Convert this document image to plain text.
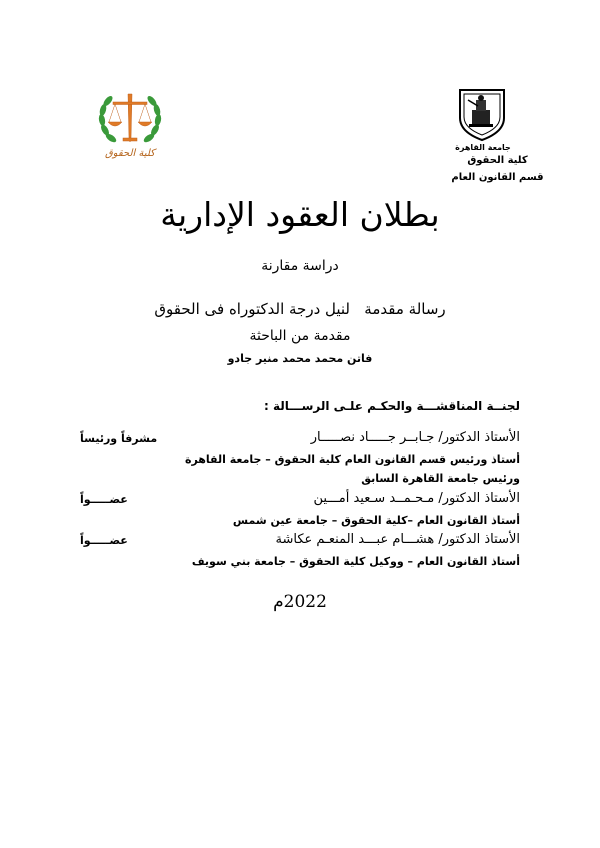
جامعة القاهرة
كلية الحقوق
قسم القانون العام
كلية الحقوق
بطلان العقود الإدارية
دراسة مقارنة
رسالة مقدمة   لنيل درجة الدكتوراه فى الحقوق
مقدمة من الباحثة
فاتن محمد محمد منير جادو
لجنــة المناقشـــة والحكـم علـى الرســـالة :
الأستاذ الدكتور/ جـابــر جـــــاد نصـــــار
مشرفاً ورئيساً
أستاذ ورئيس قسم القانون العام كلية الحقوق – جامعة القاهرة
ورئيس جامعة القاهرة السابق
الأستاذ الدكتور/ مـحـمــد سـعيد أمـــين
عضـــــواً
أستاذ القانون العام –كلية الحقوق – جامعة عين شمس
الأستاذ الدكتور/ هشـــام عبـــد المنعـم عكاشة
عضـــــواً
أستاذ القانون العام – ووكيل كلية الحقوق – جامعة بني سويف
2022م
